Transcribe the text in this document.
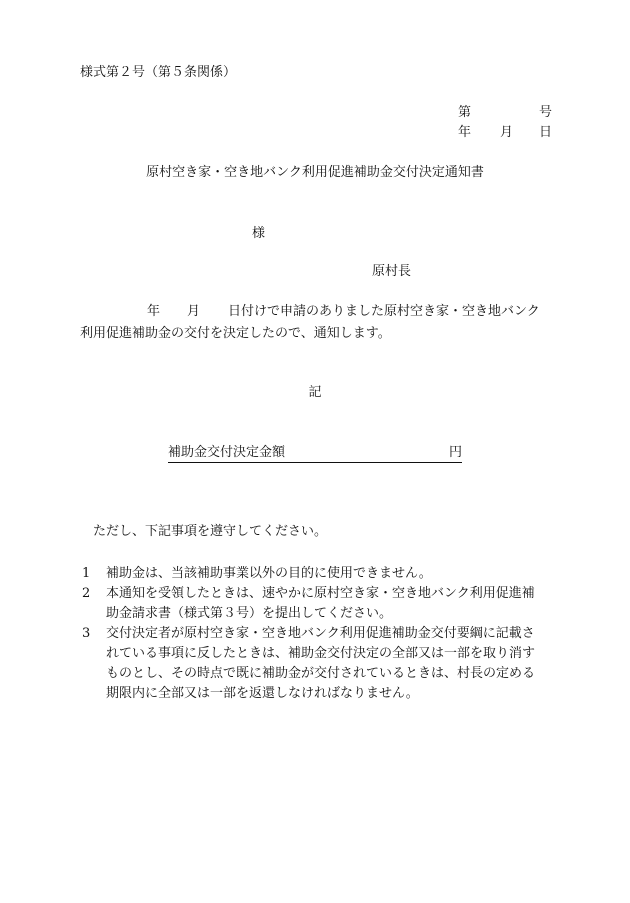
様式第２号（第５条関係）
第	号
年 月 日
原村空き家・空き地バンク利用促進補助金交付決定通知書
様
原村長
年 月 日付けで申請のありました原村空き家・空き地バンク
利用促進補助金の交付を決定したので、通知します。
記
補助金交付決定金額	円
ただし、下記事項を遵守してください。
1 補助金は、当該補助事業以外の目的に使用できません。
2 本通知を受領したときは、速やかに原村空き家・空き地バンク利用促進補
助金請求書（様式第３号）を提出してください。
3 交付決定者が原村空き家・空き地バンク利用促進補助金交付要綱に記載さ
れている事項に反したときは、補助金交付決定の全部又は一部を取り消す
ものとし、その時点で既に補助金が交付されているときは、村長の定める
期限内に全部又は一部を返還しなければなりません。
